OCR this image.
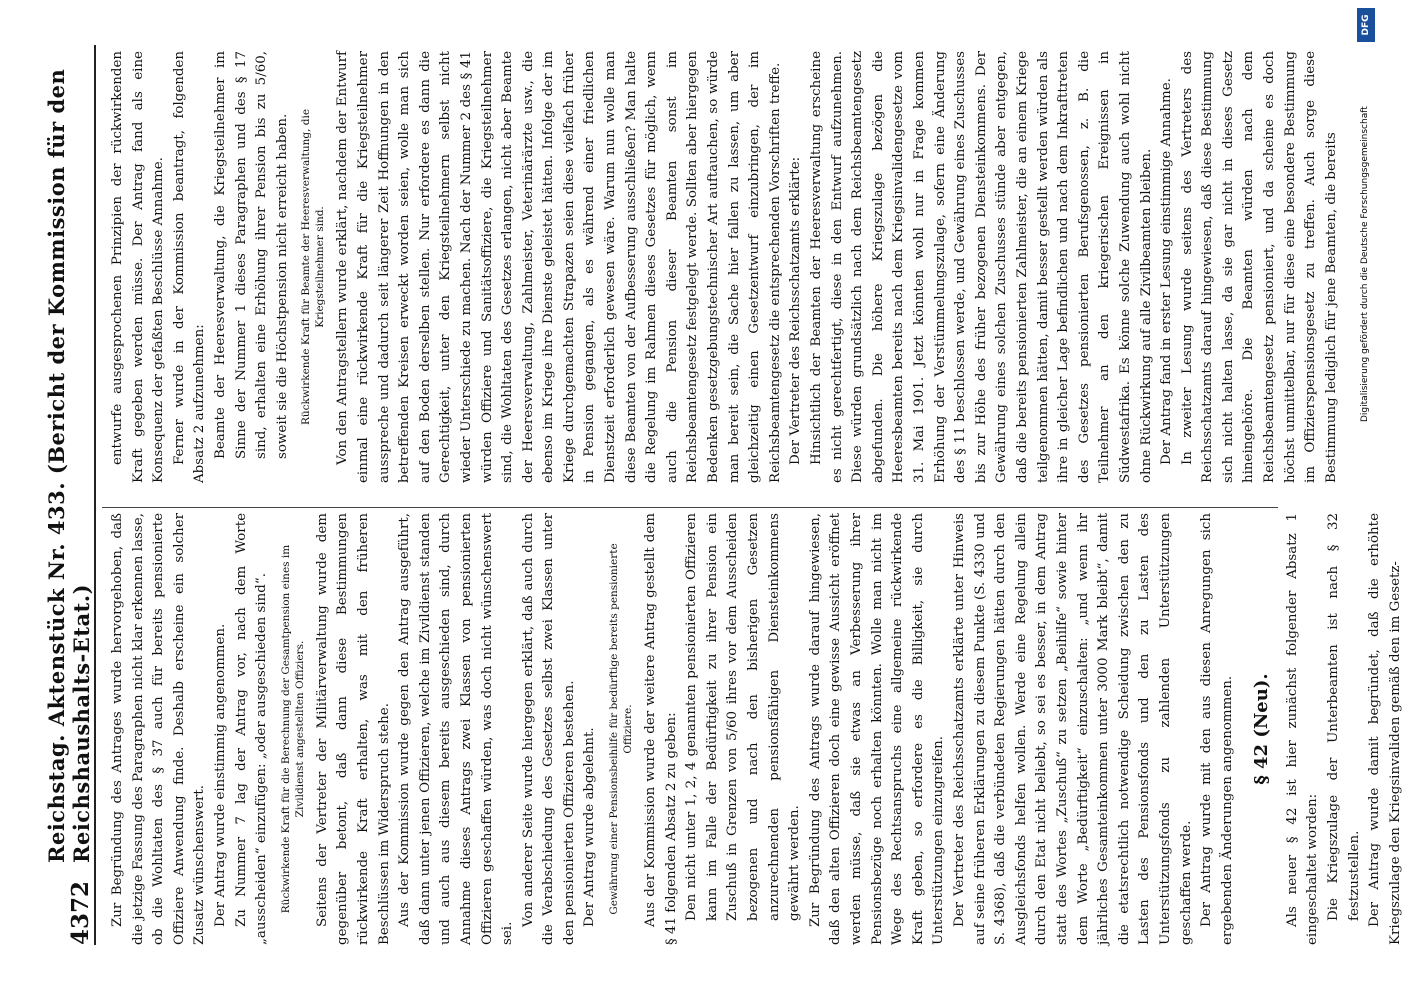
4372
Reichstag. Aktenstück Nr. 433. (Bericht der Kommission für den Reichshaushalts-Etat.) Zur Begründung des Antrages wurde hervorgehoben, daß die jetzige Fassung des Paragraphen nicht klar erkennen lasse, ob die Wohltaten des § 37 auch für bereits pensionierte Offiziere Anwendung finde. Deshalb erscheine ein solcher Zusatz wünschenswert. Der Antrag wurde einstimmig angenommen. Zu Nummer 7 lag der Antrag vor, nach dem Worte „ausscheiden“ einzufügen: „oder ausgeschieden sind“.	Rückwirkende Kraft für die Berechnung der Gesamtpension eines im Zivildienst angestellten Offiziers. Seitens der Vertreter der Militärverwaltung wurde dem gegenüber betont, daß dann diese Bestimmungen rückwirkende Kraft erhalten, was mit den früheren Beschlüssen im Widerspruch stehe. Aus der Kommission wurde gegen den Antrag ausgeführt, daß dann unter jenen Offizieren, welche im Zivildienst standen und auch aus diesem bereits ausgeschieden sind, durch Annahme dieses Antrags zwei Klassen von pensionierten Offizieren geschaffen würden, was doch nicht wünschenswert sei.

Von anderer Seite wurde hiergegen erklärt, daß auch durch die Verabschiedung des Gesetzes selbst zwei Klassen unter den pensionierten Offizieren bestehen. Der Antrag wurde abgelehnt.	Gewährung einer Pensionsbeihilfe für bedürftige bereits pensionierte Offiziere. Aus der Kommission wurde der weitere Antrag gestellt dem § 41 folgenden Absatz 2 zu geben: Den nicht unter 1, 2, 4 genannten pensionierten Offizieren kann im Falle der Bedürftigkeit zu ihrer Pension ein Zuschuß in Grenzen von 5/60 ihres vor dem Ausscheiden bezogenen und nach den bisherigen Gesetzen anzurechnenden pensionsfähigen Diensteinkommens gewährt werden. Zur Begründung des Antrags wurde darauf hingewiesen, daß den alten Offizieren doch eine gewisse Aussicht eröffnet werden müsse, daß sie etwas an Verbesserung ihrer Pensionsbezüge noch erhalten könnten. Wolle man nicht im Wege des Rechtsanspruchs eine allgemeine rückwirkende Kraft geben, so erfordere es die Billigkeit, sie durch Unterstützungen einzugreifen. Der Vertreter des Reichsschatzamts erklärte unter Hinweis auf seine früheren Erklärungen zu diesem Punkte (S. 4330 und S. 4368), daß die verbündeten Regierungen hätten durch den Ausgleichsfonds helfen wollen. Werde eine Regelung allein durch den Etat nicht beliebt, so sei es besser, in dem Antrag statt des Wortes „Zuschuß“ zu setzen „Beihilfe“ sowie hinter dem Worte „Bedürftigkeit“ einzuschalten: „und wenn ihr jährliches Gesamteinkommen unter 3000 Mark bleibt“, damit die etatsrechtlich notwendige Scheidung zwischen den zu Lasten des Pensionsfonds und den zu Lasten des Unterstützungsfonds zu zahlenden Unterstützungen geschaffen werde. Der Antrag wurde mit den aus diesen Anregungen sich ergebenden Änderungen angenommen. § 42 (Neu). Als neuer § 42 ist hier zunächst folgender Absatz 1 eingeschaltet worden: Die Kriegszulage der Unterbeamten ist nach § 32 festzustellen. Der Antrag wurde damit begründet, daß die erhöhte Kriegszulage den Kriegsinvaliden gemäß den im Gesetz-

entwurfe ausgesprochenen Prinzipien der rückwirkenden Kraft gegeben werden müsse. Der Antrag fand als eine Konsequenz der gefaßten Beschlüsse Annahme. Ferner wurde in der Kommission beantragt, folgenden Absatz 2 aufzunehmen: Beamte der Heeresverwaltung, die Kriegsteilnehmer im Sinne der Nummer 1 dieses Paragraphen und des § 17 sind, erhalten eine Erhöhung ihrer Pension bis zu 5/60, soweit sie die Höchstpension nicht erreicht haben.	Rückwirkende Kraft für Beamte der Heeresverwaltung, die Kriegsteilnehmer sind. Von den Antragstellern wurde erklärt, nachdem der Entwurf einmal eine rückwirkende Kraft für die Kriegsteilnehmer ausspreche und dadurch seit längerer Zeit Hoffnungen in den betreffenden Kreisen erweckt worden seien, wolle man sich auf den Boden derselben stellen. Nur erfordere es dann die Gerechtigkeit, unter den Kriegsteilnehmern selbst nicht wieder Unterschiede zu machen. Nach der Nummer 2 des § 41 würden Offiziere und Sanitätsoffiziere, die Kriegsteilnehmer sind, die Wohltaten des Gesetzes erlangen, nicht aber Beamte der Heeresverwaltung, Zahlmeister, Veterinärärzte usw., die ebenso im Kriege ihre Dienste geleistet hätten. Infolge der im Kriege durchgemachten Strapazen seien diese vielfach früher in Pension gegangen, als es während einer friedlichen Dienstzeit erforderlich gewesen wäre. Warum nun wolle man diese Beamten von der Aufbesserung ausschließen? Man halte die Regelung im Rahmen dieses Gesetzes für möglich, wenn auch die Pension dieser Beamten sonst im Reichsbeamtengesetz festgelegt werde. Sollten aber hiergegen Bedenken gesetzgebungstechnischer Art auftauchen, so würde man bereit sein, die Sache hier fallen zu lassen, um aber gleichzeitig einen Gesetzentwurf einzubringen, der im Reichsbeamtengesetz die entsprechenden Vorschriften treffe. Der Vertreter des Reichsschatzamts erklärte: Hinsichtlich der Beamten der Heeresverwaltung erscheine es nicht gerechtfertigt, diese in den Entwurf aufzunehmen. Diese würden grundsätzlich nach dem Reichsbeamtengesetz abgefunden. Die höhere Kriegszulage bezögen die Heeresbeamten bereits nach dem Kriegsinvalidengesetze vom 31. Mai 1901. Jetzt könnten wohl nur in Frage kommen Erhöhung der Verstümmelungszulage, sofern eine Änderung des § 11 beschlossen werde, und Gewährung eines Zuschusses bis zur Höhe des früher bezogenen Diensteinkommens. Der Gewährung eines solchen Zuschusses stünde aber entgegen, daß die bereits pensionierten Zahlmeister, die an einem Kriege teilgenommen hätten, damit besser gestellt werden würden als ihre in gleicher Lage befindlichen und nach dem Inkrafttreten des Gesetzes pensionierten Berufsgenossen, z. B. die Teilnehmer an den kriegerischen Ereignissen in Südwestafrika. Es könne solche Zuwendung auch wohl nicht ohne Rückwirkung auf alle Zivilbeamten bleiben. Der Antrag fand in erster Lesung einstimmige Annahme. In zweiter Lesung wurde seitens des Vertreters des Reichsschatzamts darauf hingewiesen, daß diese Bestimmung sich nicht halten lasse, da sie gar nicht in dieses Gesetz hineingehöre. Die Beamten würden nach dem Reichsbeamtengesetz pensioniert, und da scheine es doch höchst unmittelbar, nur für diese eine besondere Bestimmung im Offizierspensionsgesetz zu treffen. Auch sorge diese Bestimmung lediglich für jene Beamten, die bereits

DFG
Digitalisierung gefördert durch die Deutsche Forschungsgemeinschaft
